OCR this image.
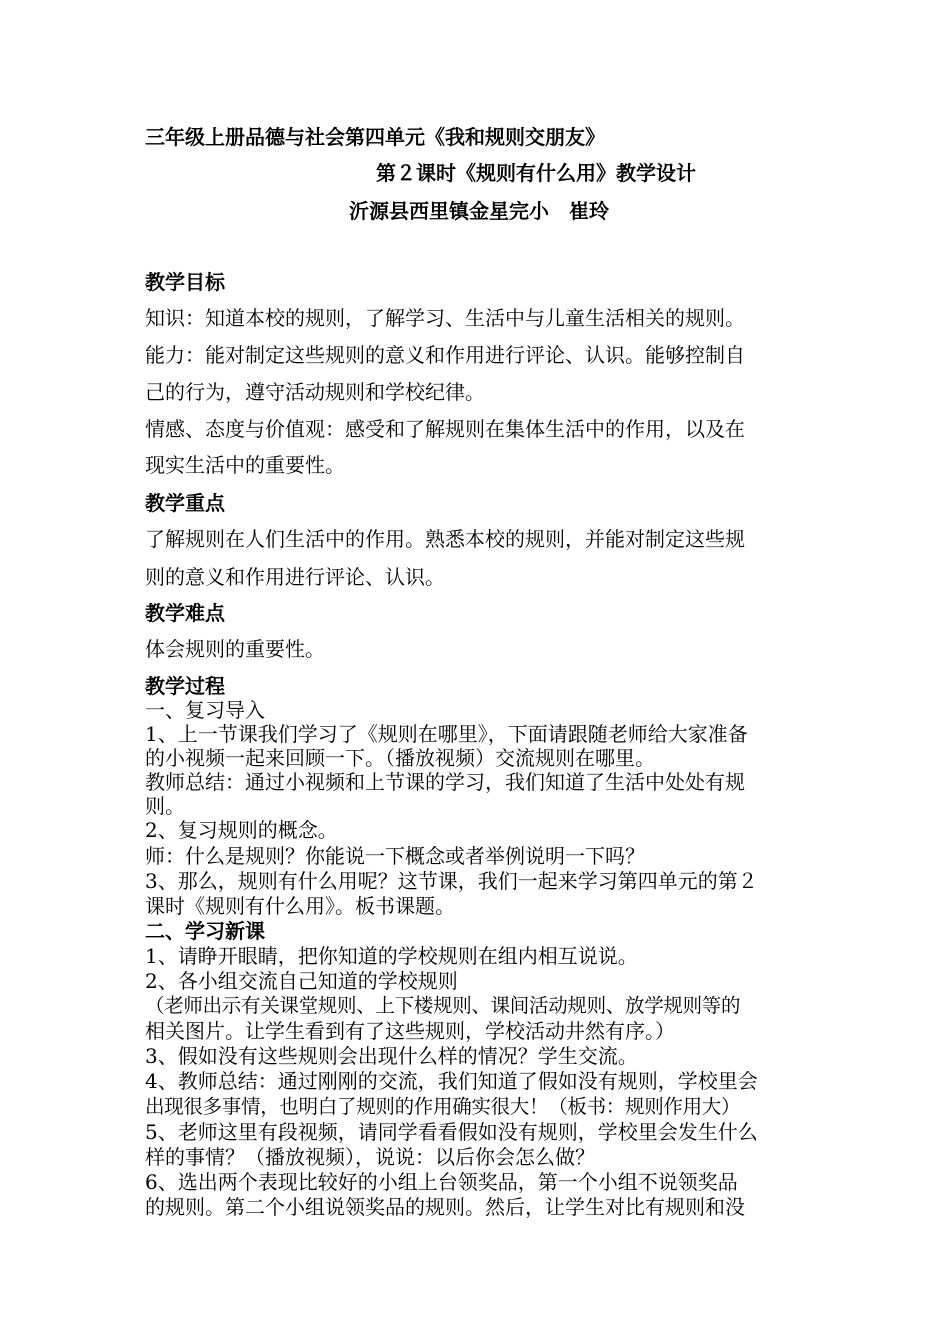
三年级上册品德与社会第四单元《我和规则交朋友》
第２课时《规则有什么用》教学设计
沂源县西里镇金星完小　崔玲
教学目标
知识：知道本校的规则，了解学习、生活中与儿童生活相关的规则。
能力：能对制定这些规则的意义和作用进行评论、认识。能够控制自
己的行为，遵守活动规则和学校纪律。
情感、态度与价值观：感受和了解规则在集体生活中的作用，以及在
现实生活中的重要性。
教学重点
了解规则在人们生活中的作用。熟悉本校的规则，并能对制定这些规
则的意义和作用进行评论、认识。
教学难点
体会规则的重要性。
教学过程
一、复习导入
1、上一节课我们学习了《规则在哪里》，下面请跟随老师给大家准备
的小视频一起来回顾一下。（播放视频）交流规则在哪里。
教师总结：通过小视频和上节课的学习，我们知道了生活中处处有规
则。
2、复习规则的概念。
师：什么是规则？你能说一下概念或者举例说明一下吗？
3、那么，规则有什么用呢？这节课，我们一起来学习第四单元的第２
课时《规则有什么用》。板书课题。
二、学习新课
1、请睁开眼睛，把你知道的学校规则在组内相互说说。
2、各小组交流自己知道的学校规则
（老师出示有关课堂规则、上下楼规则、课间活动规则、放学规则等的
相关图片。让学生看到有了这些规则，学校活动井然有序。）
3、假如没有这些规则会出现什么样的情况？学生交流。
4、教师总结：通过刚刚的交流，我们知道了假如没有规则，学校里会
出现很多事情，也明白了规则的作用确实很大！（板书：规则作用大）
5、老师这里有段视频，请同学看看假如没有规则，学校里会发生什么
样的事情？（播放视频），说说：以后你会怎么做？
6、选出两个表现比较好的小组上台领奖品，第一个小组不说领奖品
的规则。第二个小组说领奖品的规则。然后，让学生对比有规则和没
